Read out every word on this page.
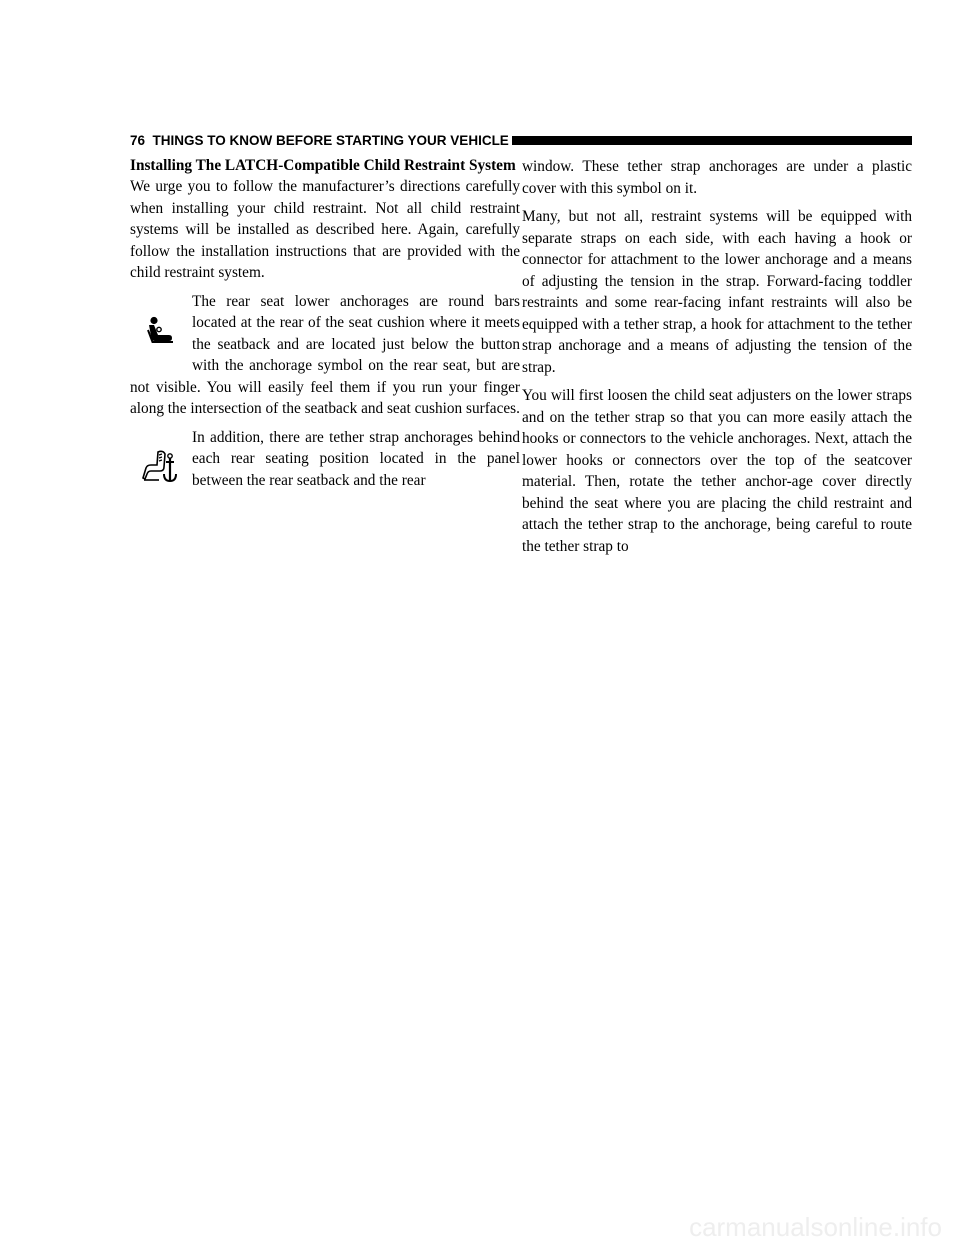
76 THINGS TO KNOW BEFORE STARTING YOUR VEHICLE
Installing The LATCH-Compatible Child Restraint System

We urge you to follow the manufacturer’s directions carefully when installing your child restraint. Not all child restraint systems will be installed as described here. Again, carefully follow the installation instructions that are provided with the child restraint system.

The rear seat lower anchorages are round bars located at the rear of the seat cushion where it meets the seatback and are located just below the button with the anchorage symbol on the rear seat, but are not visible. You will easily feel them if you run your finger along the intersection of the seatback and seat cushion surfaces.

In addition, there are tether strap anchorages behind each rear seating position located in the panel between the rear seatback and the rear

window. These tether strap anchorages are under a plastic cover with this symbol on it.

Many, but not all, restraint systems will be equipped with separate straps on each side, with each having a hook or connector for attachment to the lower anchorage and a means of adjusting the tension in the strap. Forward-facing toddler restraints and some rear-facing infant restraints will also be equipped with a tether strap, a hook for attachment to the tether strap anchorage and a means of adjusting the tension of the strap.

You will first loosen the child seat adjusters on the lower straps and on the tether strap so that you can more easily attach the hooks or connectors to the vehicle anchorages. Next, attach the lower hooks or connectors over the top of the seatcover material. Then, rotate the tether anchor-age cover directly behind the seat where you are placing the child restraint and attach the tether strap to the anchorage, being careful to route the tether strap to

carmanualsonline.info
